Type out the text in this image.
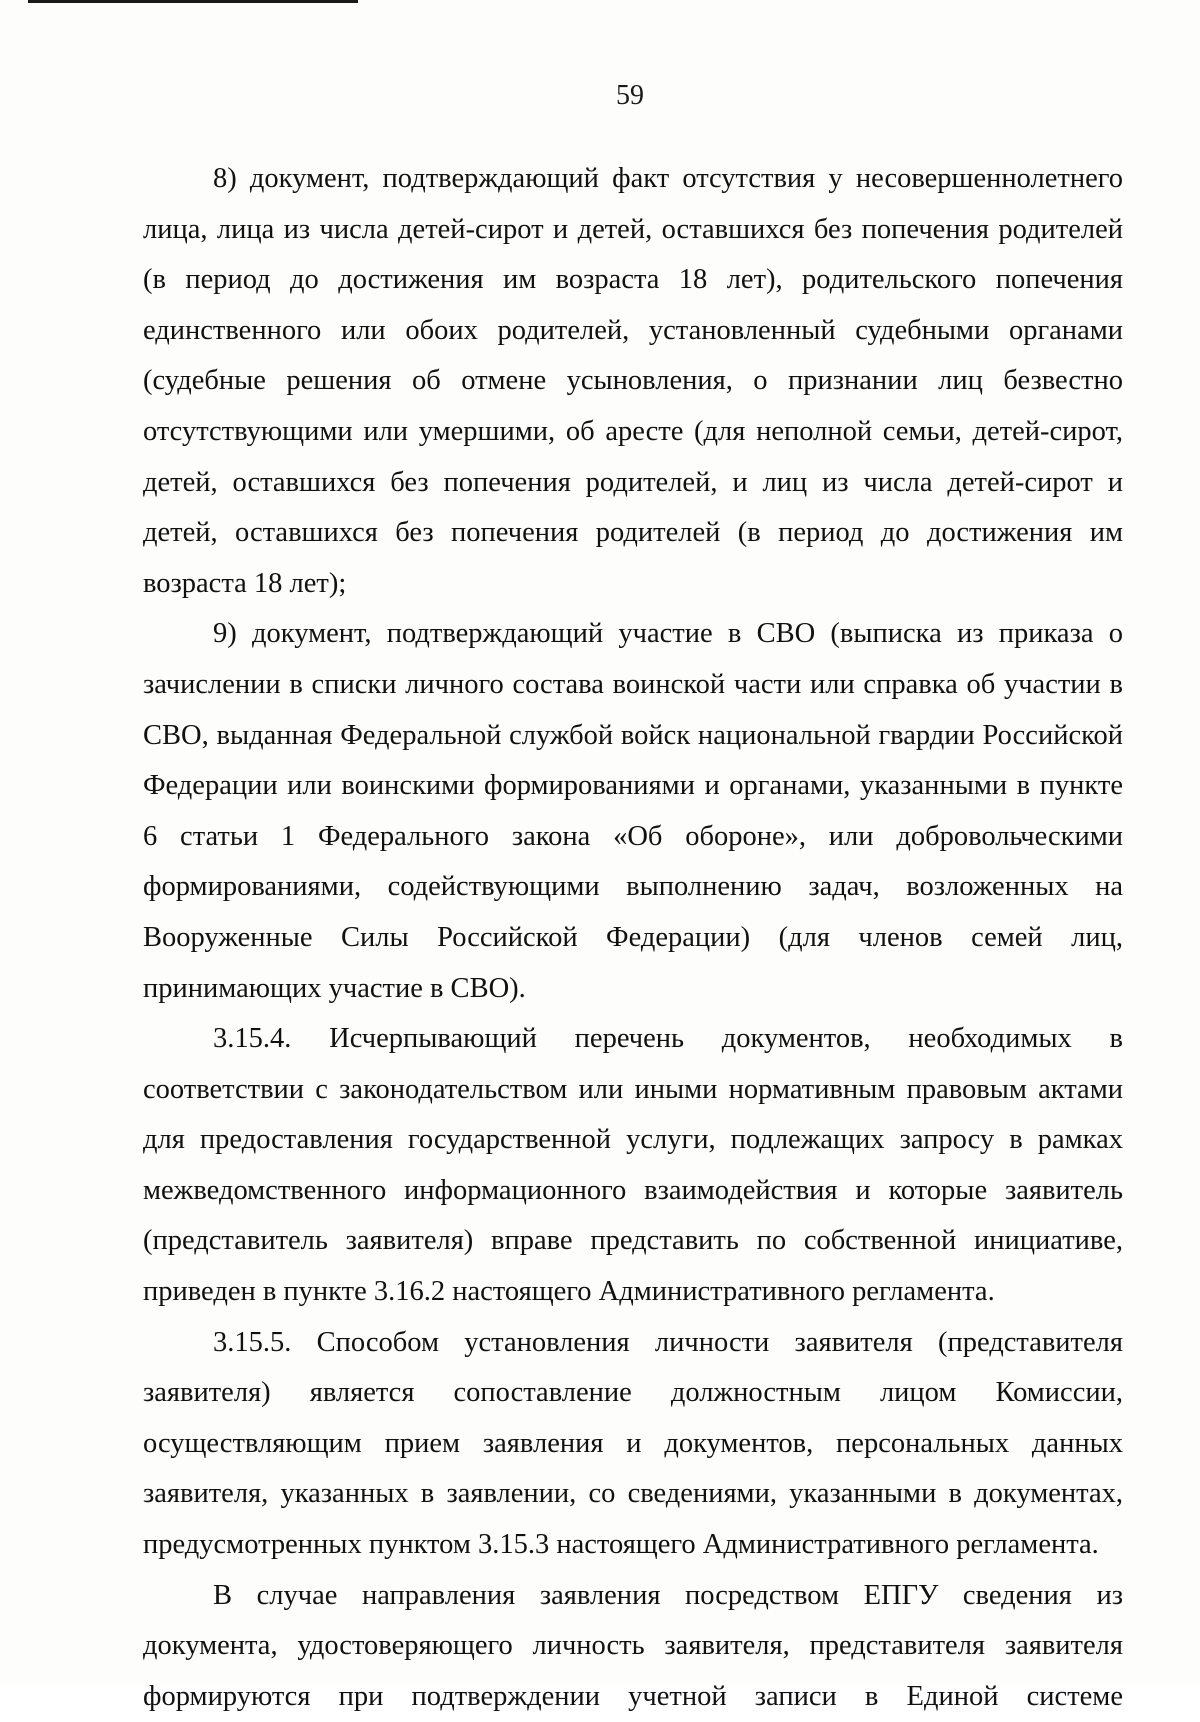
59

8) документ, подтверждающий факт отсутствия у несовершеннолетнего лица, лица из числа детей-сирот и детей, оставшихся без попечения родителей (в период до достижения им возраста 18 лет), родительского попечения единственного или обоих родителей, установленный судебными органами (судебные решения об отмене усыновления, о признании лиц безвестно отсутствующими или умершими, об аресте (для неполной семьи, детей-сирот, детей, оставшихся без попечения родителей, и лиц из числа детей-сирот и детей, оставшихся без попечения родителей (в период до достижения им возраста 18 лет);

9) документ, подтверждающий участие в СВО (выписка из приказа о зачислении в списки личного состава воинской части или справка об участии в СВО, выданная Федеральной службой войск национальной гвардии Российской Федерации или воинскими формированиями и органами, указанными в пункте 6 статьи 1 Федерального закона «Об обороне», или добровольческими формированиями, содействующими выполнению задач, возложенных на Вооруженные Силы Российской Федерации) (для членов семей лиц, принимающих участие в СВО).

3.15.4. Исчерпывающий перечень документов, необходимых в соответствии с законодательством или иными нормативным правовым актами для предоставления государственной услуги, подлежащих запросу в рамках межведомственного информационного взаимодействия и которые заявитель (представитель заявителя) вправе представить по собственной инициативе, приведен в пункте 3.16.2 настоящего Административного регламента.

3.15.5. Способом установления личности заявителя (представителя заявителя) является сопоставление должностным лицом Комиссии, осуществляющим прием заявления и документов, персональных данных заявителя, указанных в заявлении, со сведениями, указанными в документах, предусмотренных пунктом 3.15.3 настоящего Административного регламента.

В случае направления заявления посредством ЕПГУ сведения из документа, удостоверяющего личность заявителя, представителя заявителя формируются при подтверждении учетной записи в Единой системе
